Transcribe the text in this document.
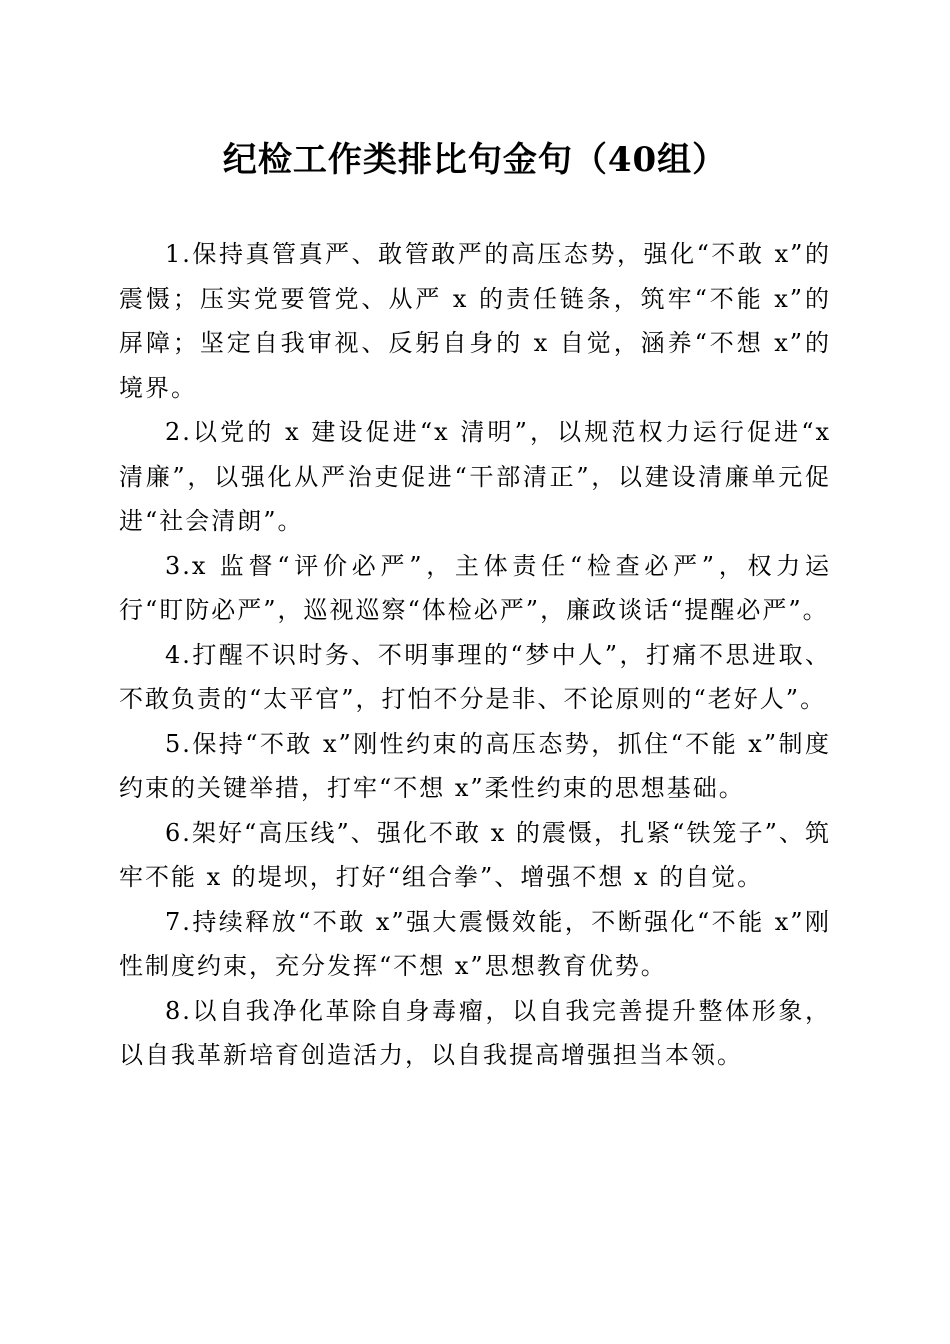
纪检工作类排比句金句（40组）

1.保持真管真严、敢管敢严的高压态势，强化“不敢 x”的震慑；压实党要管党、从严 x 的责任链条，筑牢“不能 x”的屏障；坚定自我审视、反躬自身的 x 自觉，涵养“不想 x”的境界。

2.以党的 x 建设促进“x 清明”，以规范权力运行促进“x 清廉”，以强化从严治吏促进“干部清正”，以建设清廉单元促进“社会清朗”。

3.x 监督“评价必严”，主体责任“检查必严”，权力运行“盯防必严”，巡视巡察“体检必严”，廉政谈话“提醒必严”。

4.打醒不识时务、不明事理的“梦中人”，打痛不思进取、不敢负责的“太平官”，打怕不分是非、不论原则的“老好人”。

5.保持“不敢 x”刚性约束的高压态势，抓住“不能 x”制度约束的关键举措，打牢“不想 x”柔性约束的思想基础。

6.架好“高压线”、强化不敢 x 的震慑，扎紧“铁笼子”、筑牢不能 x 的堤坝，打好“组合拳”、增强不想 x 的自觉。

7.持续释放“不敢 x”强大震慑效能，不断强化“不能 x”刚性制度约束，充分发挥“不想 x”思想教育优势。

8.以自我净化革除自身毒瘤，以自我完善提升整体形象，以自我革新培育创造活力，以自我提高增强担当本领。
